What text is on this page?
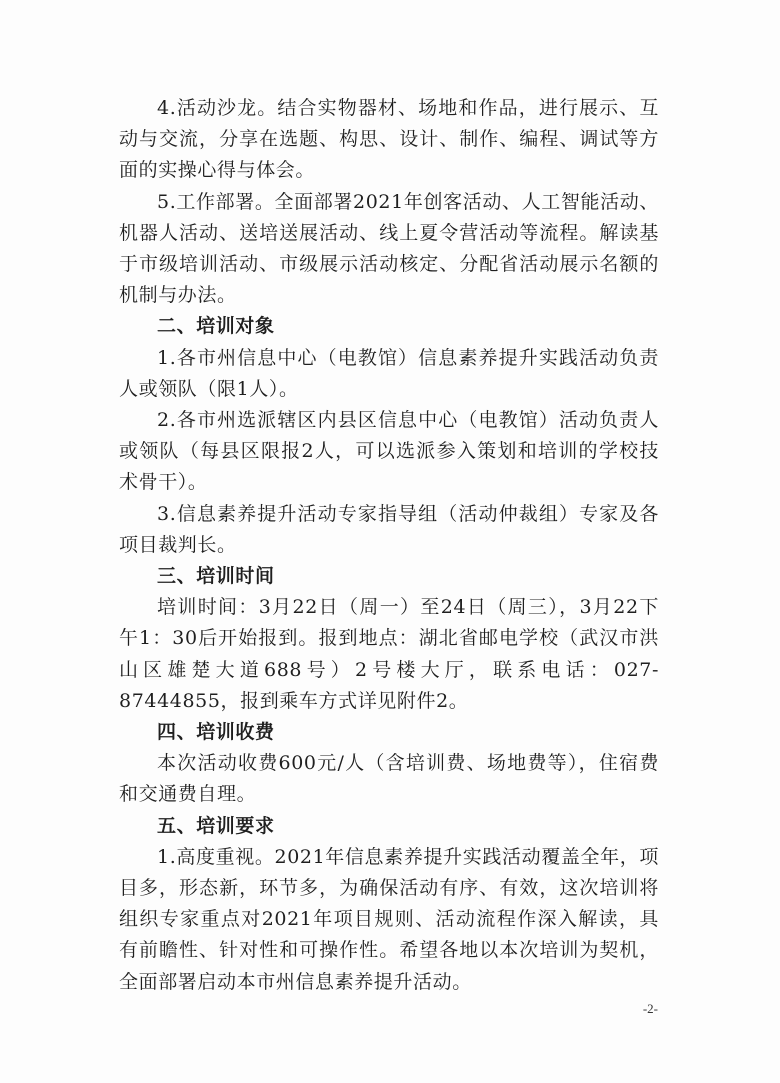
4.活动沙龙。结合实物器材、场地和作品，进行展示、互动与交流，分享在选题、构思、设计、制作、编程、调试等方面的实操心得与体会。

5.工作部署。全面部署2021年创客活动、人工智能活动、机器人活动、送培送展活动、线上夏令营活动等流程。解读基于市级培训活动、市级展示活动核定、分配省活动展示名额的机制与办法。

二、培训对象

1.各市州信息中心（电教馆）信息素养提升实践活动负责人或领队（限1人）。

2.各市州选派辖区内县区信息中心（电教馆）活动负责人或领队（每县区限报2人，可以选派参入策划和培训的学校技术骨干）。

3.信息素养提升活动专家指导组（活动仲裁组）专家及各项目裁判长。

三、培训时间

培训时间：3月22日（周一）至24日（周三），3月22下午1：30后开始报到。报到地点：湖北省邮电学校（武汉市洪山区雄楚大道688号）2号楼大厅，联系电话：027-87444855，报到乘车方式详见附件2。

四、培训收费

本次活动收费600元/人（含培训费、场地费等），住宿费和交通费自理。

五、培训要求

1.高度重视。2021年信息素养提升实践活动覆盖全年，项目多，形态新，环节多，为确保活动有序、有效，这次培训将组织专家重点对2021年项目规则、活动流程作深入解读，具有前瞻性、针对性和可操作性。希望各地以本次培训为契机，全面部署启动本市州信息素养提升活动。

-2-
